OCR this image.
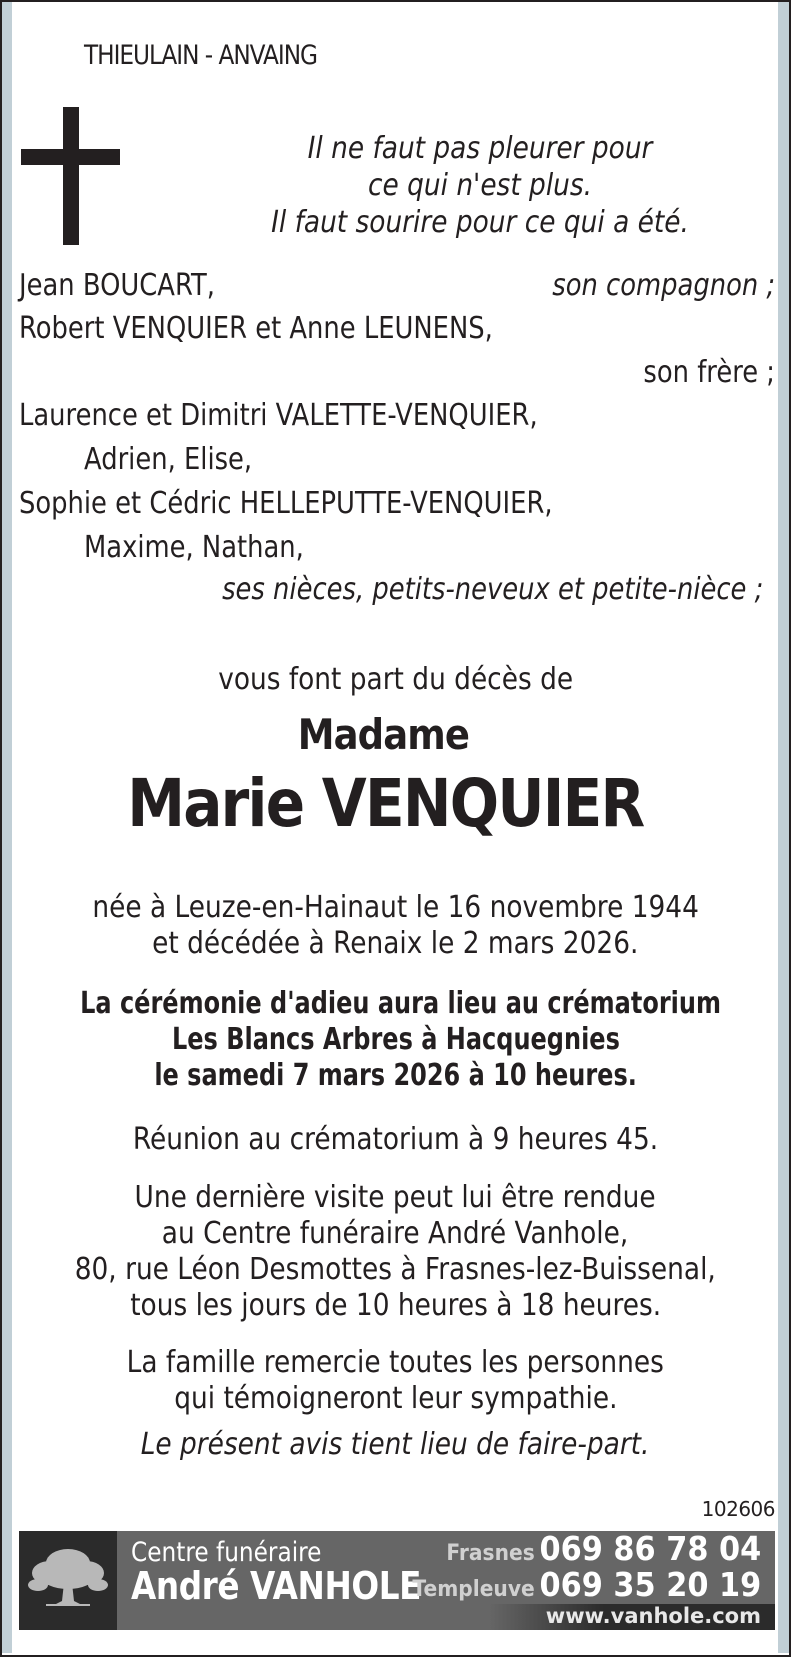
THIEULAIN - ANVAING
Il ne faut pas pleurer pour
ce qui n'est plus.
Il faut sourire pour ce qui a été.
Jean BOUCART,	son compagnon ;
Robert VENQUIER et Anne LEUNENS,
son frère ;
Laurence et Dimitri VALETTE-VENQUIER,
Adrien, Elise,
Sophie et Cédric HELLEPUTTE-VENQUIER,
Maxime, Nathan,
ses nièces, petits-neveux et petite-nièce ;
vous font part du décès de
Madame
Marie VENQUIER
née à Leuze-en-Hainaut le 16 novembre 1944
et décédée à Renaix le 2 mars 2026.
La cérémonie d'adieu aura lieu au crématorium
Les Blancs Arbres à Hacquegnies
le samedi 7 mars 2026 à 10 heures.
Réunion au crématorium à 9 heures 45.
Une dernière visite peut lui être rendue
au Centre funéraire André Vanhole,
80, rue Léon Desmottes à Frasnes-lez-Buissenal,
tous les jours de 10 heures à 18 heures.
La famille remercie toutes les personnes
qui témoigneront leur sympathie.
Le présent avis tient lieu de faire-part.
102606
Centre funéraire
André VANHOLE
Frasnes 069 86 78 04
Templeuve 069 35 20 19
www.vanhole.com
